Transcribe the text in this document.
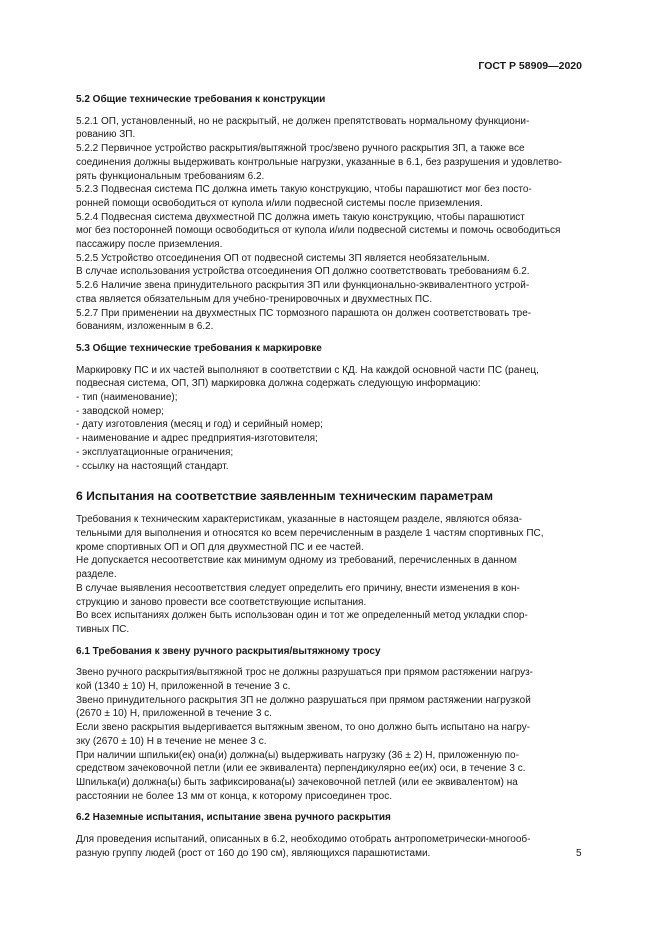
ГОСТ Р 58909—2020

5.2 Общие технические требования к конструкции

5.2.1 ОП, установленный, но не раскрытый, не должен препятствовать нормальному функциони-

рованию ЗП.

5.2.2 Первичное устройство раскрытия/вытяжной трос/звено ручного раскрытия ЗП, а также все

соединения должны выдерживать контрольные нагрузки, указанные в 6.1, без разрушения и удовлетво-

рять функциональным требованиям 6.2.

5.2.3 Подвесная система ПС должна иметь такую конструкцию, чтобы парашютист мог без посто-

ронней помощи освободиться от купола и/или подвесной системы после приземления.

5.2.4 Подвесная система двухместной ПС должна иметь такую конструкцию, чтобы парашютист

мог без посторонней помощи освободиться от купола и/или подвесной системы и помочь освободиться

пассажиру после приземления.

5.2.5 Устройство отсоединения ОП от подвесной системы ЗП является необязательным.

В случае использования устройства отсоединения ОП должно соответствовать требованиям 6.2.

5.2.6 Наличие звена принудительного раскрытия ЗП или функционально-эквивалентного устрой-

ства является обязательным для учебно-тренировочных и двухместных ПС.

5.2.7 При применении на двухместных ПС тормозного парашюта он должен соответствовать тре-

бованиям, изложенным в 6.2.

5.3 Общие технические требования к маркировке

Маркировку ПС и их частей выполняют в соответствии с КД. На каждой основной части ПС (ранец,

подвесная система, ОП, ЗП) маркировка должна содержать следующую информацию:

- тип (наименование);

- заводской номер;

- дату изготовления (месяц и год) и серийный номер;

- наименование и адрес предприятия-изготовителя;

- эксплуатационные ограничения;

- ссылку на настоящий стандарт.

6 Испытания на соответствие заявленным техническим параметрам

Требования к техническим характеристикам, указанные в настоящем разделе, являются обяза-

тельными для выполнения и относятся ко всем перечисленным в разделе 1 частям спортивных ПС,

кроме спортивных ОП и ОП для двухместной ПС и ее частей.

Не допускается несоответствие как минимум одному из требований, перечисленных в данном

разделе.

В случае выявления несоответствия следует определить его причину, внести изменения в кон-

струкцию и заново провести все соответствующие испытания.

Во всех испытаниях должен быть использован один и тот же определенный метод укладки спор-

тивных ПС.

6.1 Требования к звену ручного раскрытия/вытяжному тросу

Звено ручного раскрытия/вытяжной трос не должны разрушаться при прямом растяжении нагруз-

кой (1340 ± 10) Н, приложенной в течение 3 с.

Звено принудительного раскрытия ЗП не должно разрушаться при прямом растяжении нагрузкой

(2670 ± 10) Н, приложенной в течение 3 с.

Если звено раскрытия выдергивается вытяжным звеном, то оно должно быть испытано на нагру-

зку (2670 ± 10) Н в течение не менее 3 с.

При наличии шпильки(ек) она(и) должна(ы) выдерживать нагрузку (36 ± 2) Н, приложенную по-

средством зачековочной петли (или ее эквивалента) перпендикулярно ее(их) оси, в течение 3 с.

Шпилька(и) должна(ы) быть зафиксирована(ы) зачековочной петлей (или ее эквивалентом) на

расстоянии не более 13 мм от конца, к которому присоединен трос.

6.2 Наземные испытания, испытание звена ручного раскрытия

Для проведения испытаний, описанных в 6.2, необходимо отобрать антропометрически-многооб-

разную группу людей (рост от 160 до 190 см), являющихся парашютистами.	5
